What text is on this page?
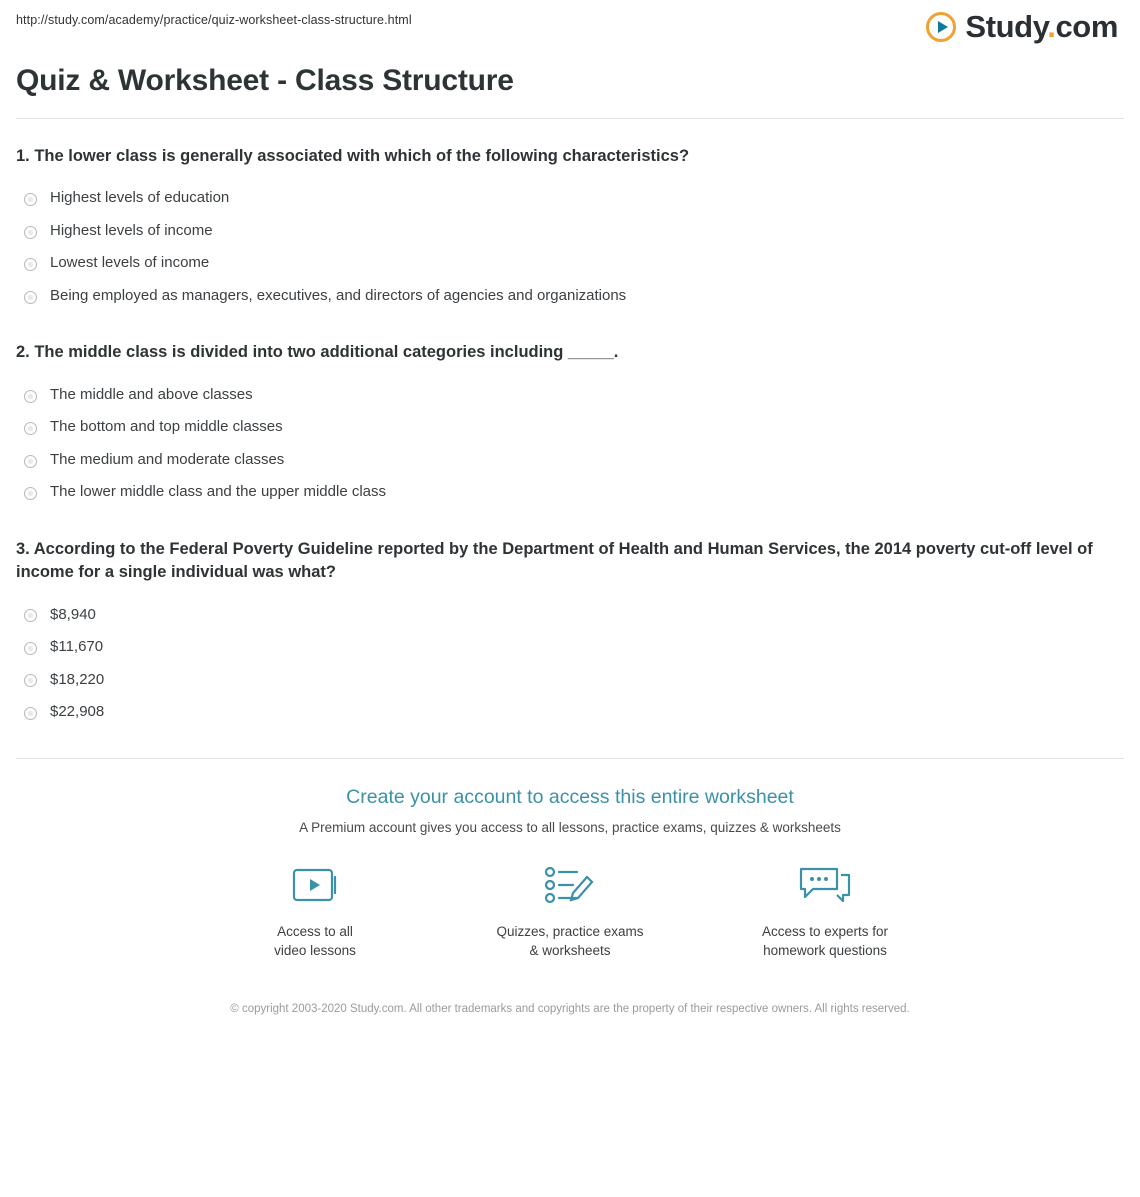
http://study.com/academy/practice/quiz-worksheet-class-structure.html	Study.com
Quiz & Worksheet - Class Structure

1. The lower class is generally associated with which of the following characteristics?

Highest levels of education
Highest levels of income
Lowest levels of income
Being employed as managers, executives, and directors of agencies and organizations

2. The middle class is divided into two additional categories including _____.

The middle and above classes
The bottom and top middle classes
The medium and moderate classes
The lower middle class and the upper middle class

3. According to the Federal Poverty Guideline reported by the Department of Health and Human Services, the 2014 poverty cut-off level of income for a single individual was what?

$8,940
$11,670
$18,220
$22,908
Create your account to access this entire worksheet
A Premium account gives you access to all lessons, practice exams, quizzes & worksheets
Access to all
video lessons
Quizzes, practice exams
& worksheets
Access to experts for
homework questions
© copyright 2003-2020 Study.com. All other trademarks and copyrights are the property of their respective owners. All rights reserved.
